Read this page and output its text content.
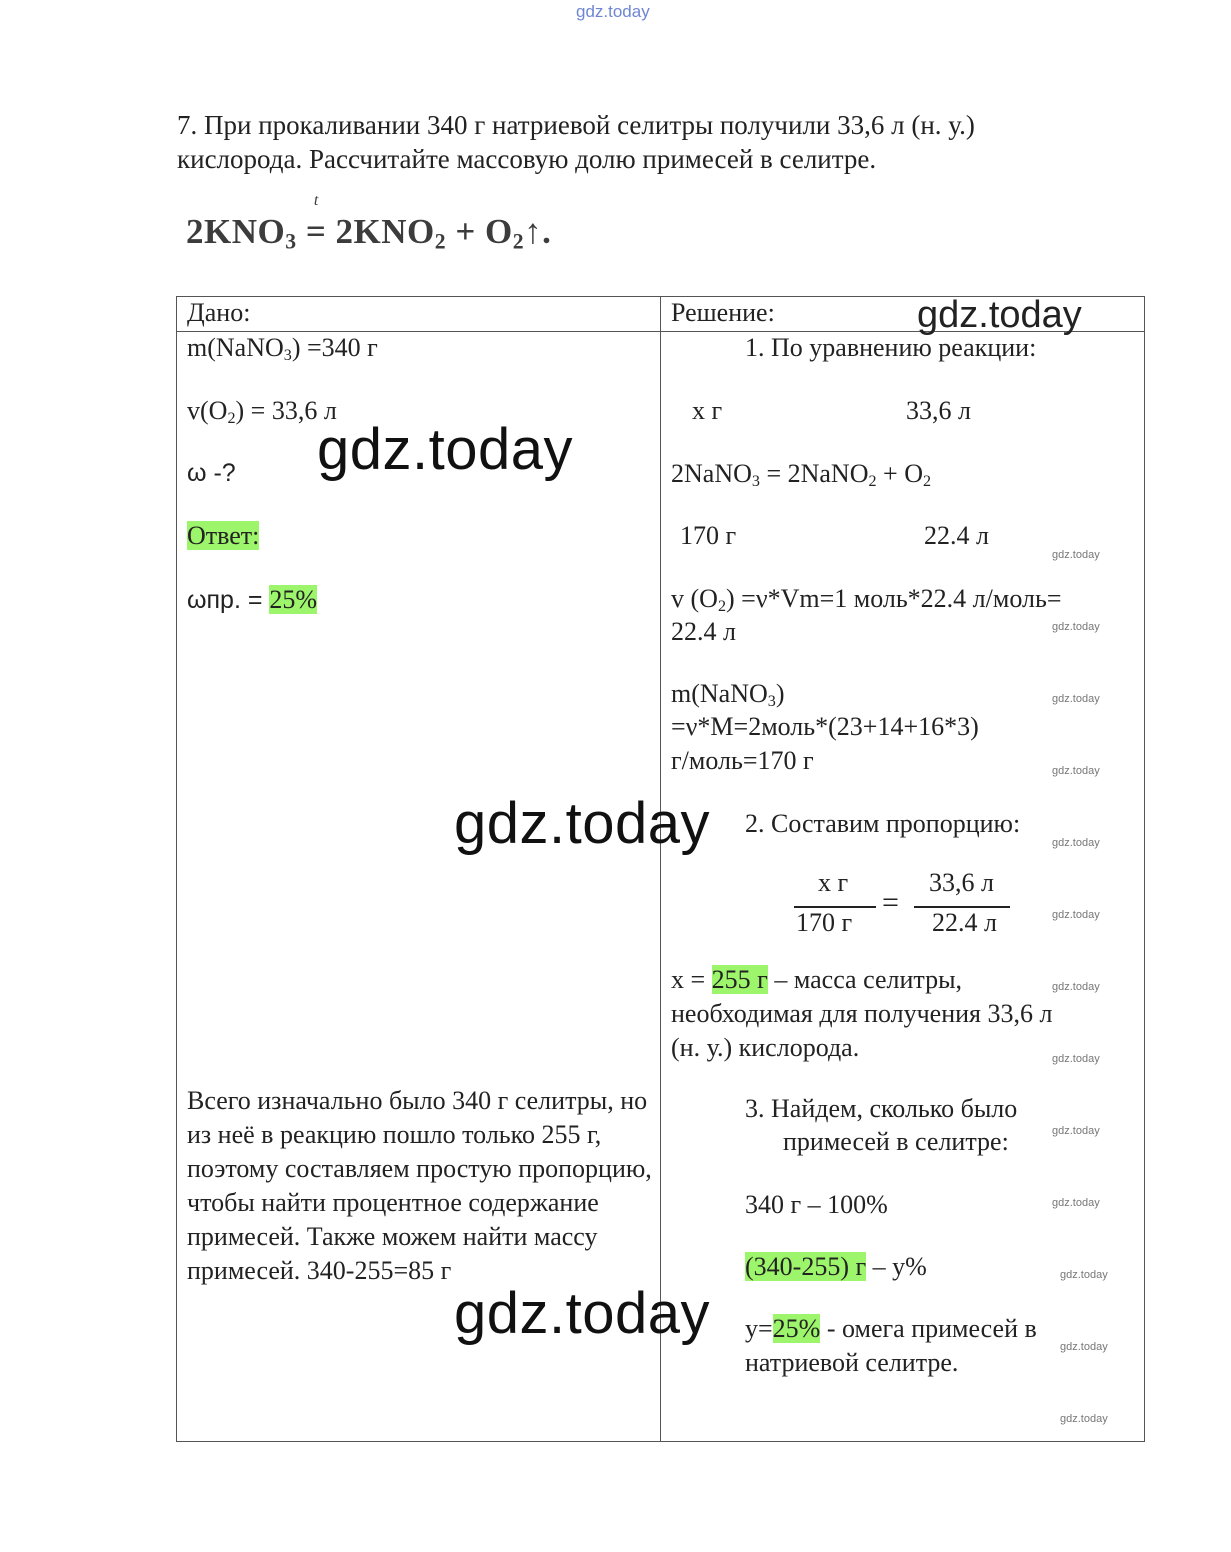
gdz.today
7. При прокаливании 340 г натриевой селитры получили 33,6 л (н. у.) кислорода. Рассчитайте массовую долю примесей в селитре.
$2KNO_3$
t
= $2KNO_2$ + $O_2↑$.

Дано:	Решение:	gdz.today
m(NaNO$_3$) =340 г
$v(O_2) = 33,6$ л
ω -?
Ответ:
ωпр. = 25%
gdz.today
Всего изначально было 340 г селитры, но из неё в реакцию пошло только 255 г, поэтому составляем простую пропорцию, чтобы найти процентное содержание примесей. Также можем найти массу примесей. 340-255=85 г
1. По уравнению реакции:
х г	33,6 л
2NaNO$_3$ = 2NaNO$_2$ + $O_2$
170 г	22.4 л
v $(O_2) =\nu*Vm=1$ моль*22.4 л/моль=
22.4 л
m(NaNO$_3$)
=ν*M=2моль*(23+14+16*3)
г/моль=170 г
2. Составим пропорцию:
gdz.today
х г
170 г
=
33,6 л
22.4 л
х = 255 г – масса селитры,
необходимая для получения 33,6 л
(н. у.) кислорода.
3. Найдем, сколько было
примесей в селитре:
340 г – 100%
(340-255) г – у%
у=25% - омега примесей в
натриевой селитре.
gdz.today
gdz.today
gdz.today
gdz.today
gdz.today
gdz.today
gdz.today
gdz.today
gdz.today
gdz.today
gdz.today
gdz.today
gdz.today
gdz.today
